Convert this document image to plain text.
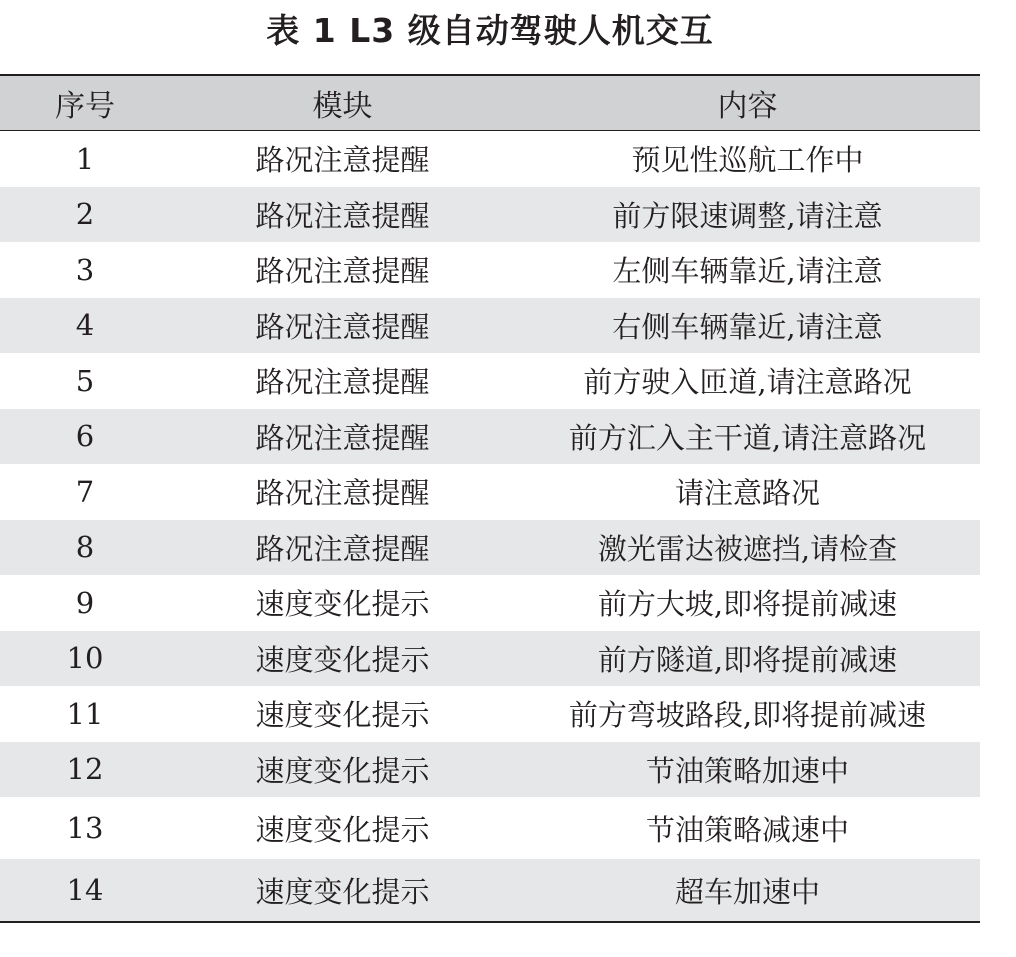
表 1 L3 级自动驾驶人机交互
序号	模块	内容
1	路况注意提醒	预见性巡航工作中
2	路况注意提醒	前方限速调整,请注意
3	路况注意提醒	左侧车辆靠近,请注意
4	路况注意提醒	右侧车辆靠近,请注意
5	路况注意提醒	前方驶入匝道,请注意路况
6	路况注意提醒	前方汇入主干道,请注意路况
7	路况注意提醒	请注意路况
8	路况注意提醒	激光雷达被遮挡,请检查
9	速度变化提示	前方大坡,即将提前减速
10	速度变化提示	前方隧道,即将提前减速
11	速度变化提示	前方弯坡路段,即将提前减速
12	速度变化提示	节油策略加速中
13	速度变化提示	节油策略减速中
14	速度变化提示	超车加速中
